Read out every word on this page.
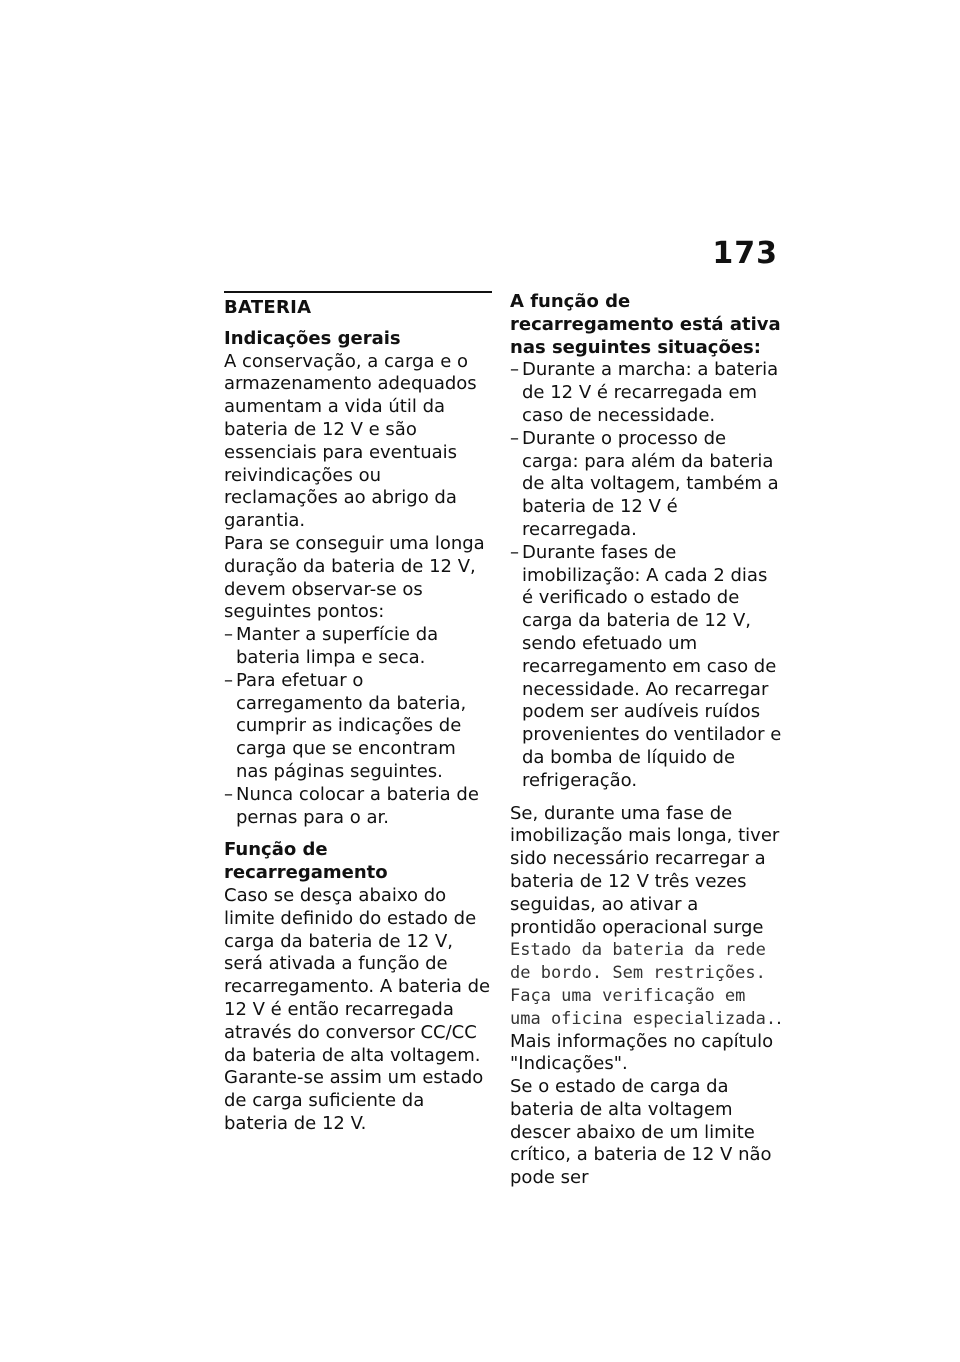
173
BATERIA

Indicações gerais

A conservação, a carga e o armazenamento adequados aumentam a vida útil da bateria de 12 V e são essenciais para eventuais reivindicações ou reclamações ao abrigo da garantia.

Para se conseguir uma longa duração da bateria de 12 V, devem observar-se os seguintes pontos:

– Manter a superfície da bateria limpa e seca.
– Para efetuar o carregamento da bateria, cumprir as indicações de carga que se encontram nas páginas seguintes.
– Nunca colocar a bateria de pernas para o ar.

Função de recarregamento

Caso se desça abaixo do limite definido do estado de carga da bateria de 12 V, será ativada a função de recarregamento. A bateria de 12 V é então recarregada através do conversor CC/CC da bateria de alta voltagem. Garante-se assim um estado de carga suficiente da bateria de 12 V.

A função de recarregamento está ativa nas seguintes situações:

– Durante a marcha: a bateria de 12 V é recarregada em caso de necessidade.
– Durante o processo de carga: para além da bateria de alta voltagem, também a bateria de 12 V é recarregada.
– Durante fases de imobilização: A cada 2 dias é verificado o estado de carga da bateria de 12 V, sendo efetuado um recarregamento em caso de necessidade. Ao recarregar podem ser audíveis ruídos provenientes do ventilador e da bomba de líquido de refrigeração.

Se, durante uma fase de imobilização mais longa, tiver sido necessário recarregar a bateria de 12 V três vezes seguidas, ao ativar a prontidão operacional surge Estado da bateria da rede de bordo. Sem restrições. Faça uma verificação em uma oficina especializada.. Mais informações no capítulo "Indicações".

Se o estado de carga da bateria de alta voltagem descer abaixo de um limite crítico, a bateria de 12 V não pode ser
